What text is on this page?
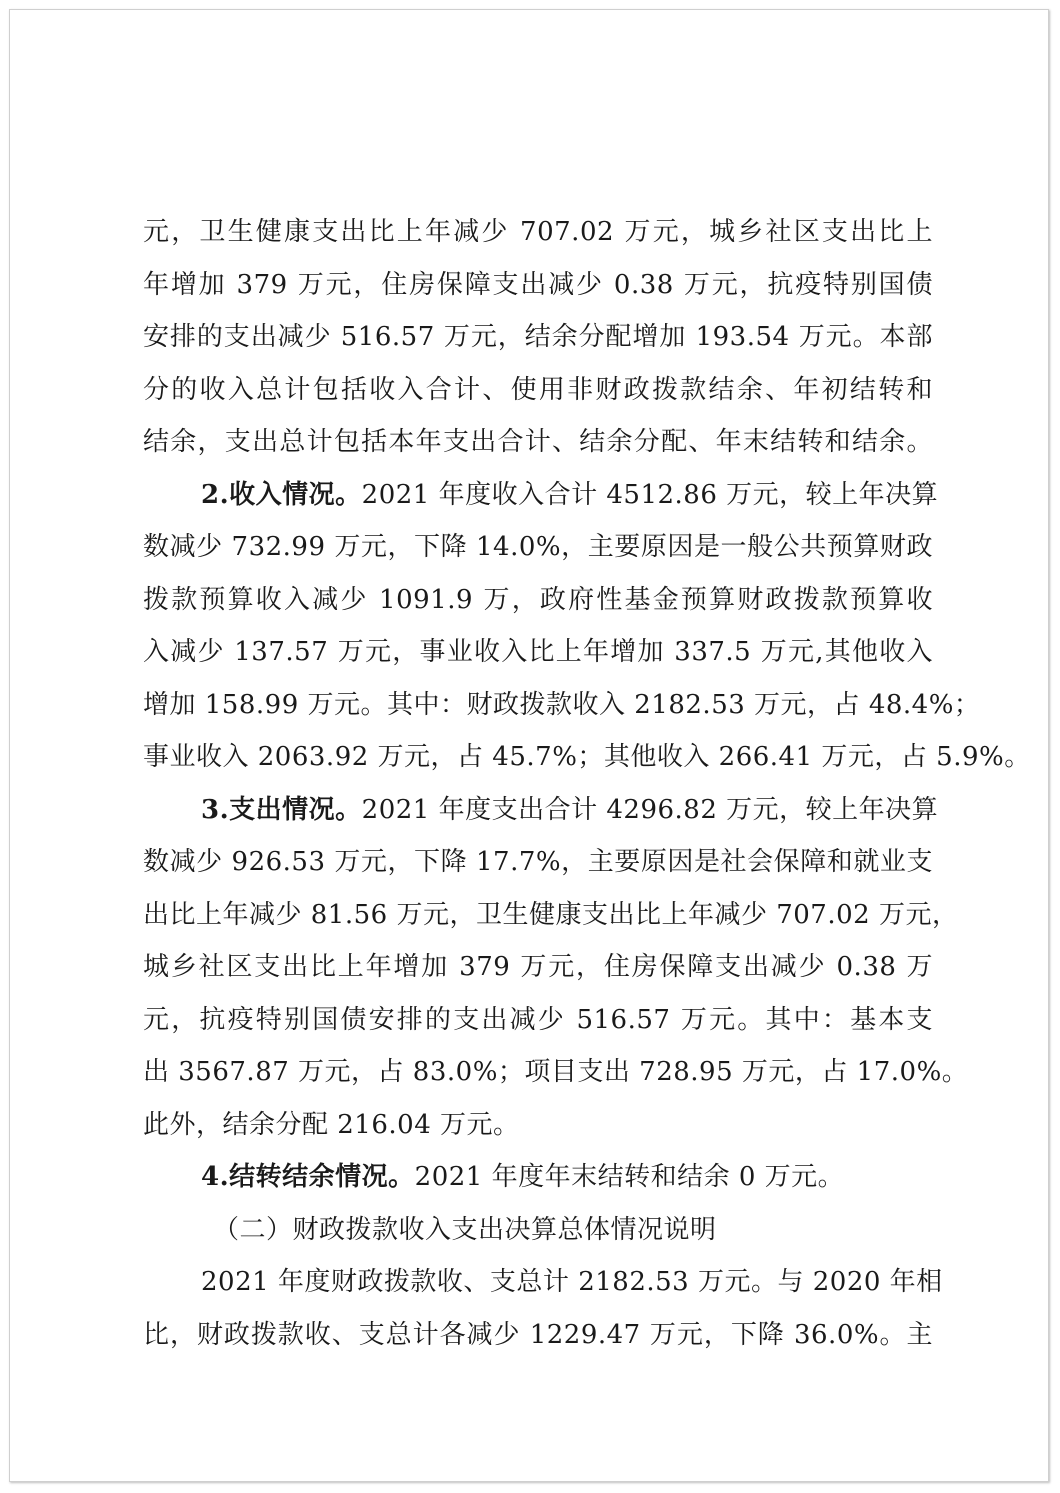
元，卫生健康支出比上年减少 707.02 万元，城乡社区支出比上
年增加 379 万元，住房保障支出减少 0.38 万元，抗疫特别国债
安排的支出减少 516.57 万元，结余分配增加 193.54 万元。本部
分的收入总计包括收入合计、使用非财政拨款结余、年初结转和
结余，支出总计包括本年支出合计、结余分配、年末结转和结余。
2.收入情况。2021 年度收入合计 4512.86 万元，较上年决算
数减少 732.99 万元，下降 14.0%，主要原因是一般公共预算财政
拨款预算收入减少 1091.9 万，政府性基金预算财政拨款预算收
入减少 137.57 万元，事业收入比上年增加 337.5 万元,其他收入
增加 158.99 万元。其中：财政拨款收入 2182.53 万元，占 48.4%；
事业收入 2063.92 万元，占 45.7%；其他收入 266.41 万元，占 5.9%。
3.支出情况。2021 年度支出合计 4296.82 万元，较上年决算
数减少 926.53 万元，下降 17.7%，主要原因是社会保障和就业支
出比上年减少 81.56 万元，卫生健康支出比上年减少 707.02 万元，
城乡社区支出比上年增加 379 万元，住房保障支出减少 0.38 万
元，抗疫特别国债安排的支出减少 516.57 万元。其中：基本支
出 3567.87 万元，占 83.0%；项目支出 728.95 万元，占 17.0%。
此外，结余分配 216.04 万元。
4.结转结余情况。2021 年度年末结转和结余 0 万元。
（二）财政拨款收入支出决算总体情况说明
2021 年度财政拨款收、支总计 2182.53 万元。与 2020 年相
比，财政拨款收、支总计各减少 1229.47 万元，下降 36.0%。主
